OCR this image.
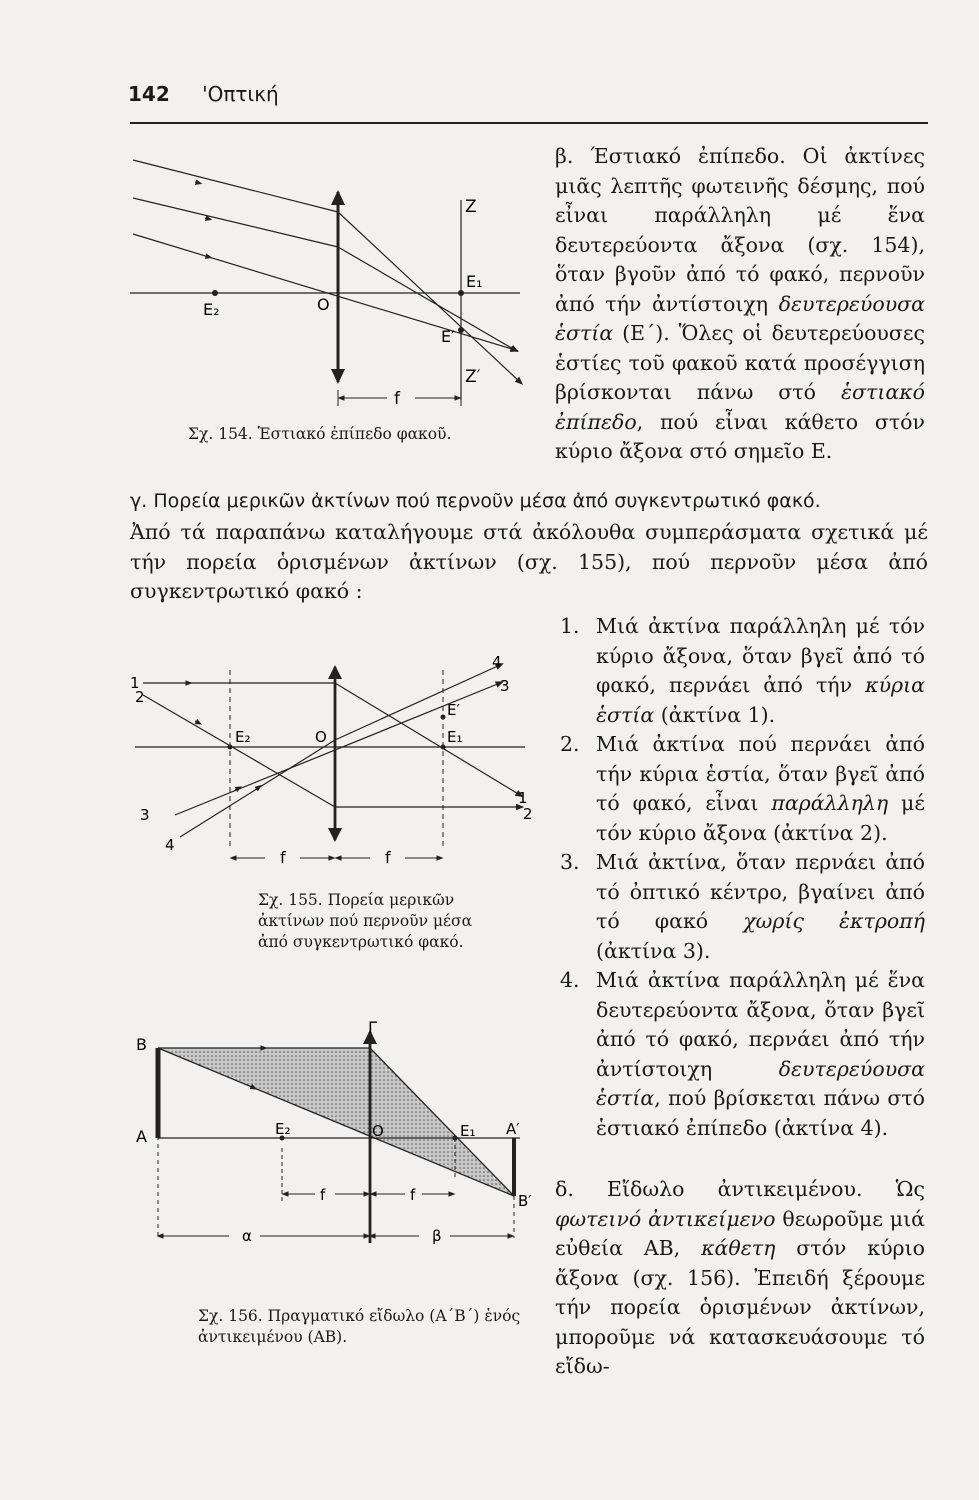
142 'Οπτική
Z
E₁
E₂	O
E′
Z′
f
Σχ. 154. Ἑστιακό ἐπίπεδο φακοῦ.
β. Έστιακό ἐπίπεδο. Οἱ ἀκτίνες μιᾶς λεπτῆς φωτεινῆς δέσμης, πού εἶναι παράλληλη μέ ἕνα δευτερεύοντα ἄξονα (σχ. 154), ὅταν βγοῦν ἀπό τό φακό, περνοῦν ἀπό τήν ἀντίστοιχη δευτερεύουσα ἑστία (Ε΄). Ὅλες οἱ δευτερεύουσες ἑστίες τοῦ φακοῦ κατά προσέγγιση βρίσκονται πάνω στό ἑστιακό ἐπίπεδο, πού εἶναι κάθετο στόν κύριο ἄξονα στό σημεῖο Ε.
γ. Πορεία μερικῶν ἀκτίνων πού περνοῦν μέσα ἀπό συγκεντρωτικό φακό.
Ἀπό τά παραπάνω καταλήγουμε στά ἀκόλουθα συμπεράσματα σχετικά μέ τήν πορεία ὁρισμένων ἀκτίνων (σχ. 155), πού περνοῦν μέσα ἀπό συγκεντρωτικό φακό :
1
2
3
4
1
2
3
4
E₂	O
E′
E₁
f	f
Σχ. 155. Πορεία μερικῶν ἀκτίνων πού περνοῦν μέσα ἀπό συγκεντρωτικό φακό.
1. Μιά ἀκτίνα παράλληλη μέ τόν κύριο ἄξονα, ὅταν βγεῖ ἀπό τό φακό, περνάει ἀπό τήν κύρια ἑστία (ἀκτίνα 1).
2. Μιά ἀκτίνα πού περνάει ἀπό τήν κύρια ἑστία, ὅταν βγεῖ ἀπό τό φακό, εἶναι παράλληλη μέ τόν κύριο ἄξονα (ἀκτίνα 2).
3. Μιά ἀκτίνα, ὅταν περνάει ἀπό τό ὀπτικό κέντρο, βγαίνει ἀπό τό φακό χωρίς ἐκτροπή (ἀκτίνα 3).
4. Μιά ἀκτίνα παράλληλη μέ ἕνα δευτερεύοντα ἄξονα, ὅταν βγεῖ ἀπό τό φακό, περνάει ἀπό τήν ἀντίστοιχη δευτερεύουσα ἑστία, πού βρίσκεται πάνω στό ἑστιακό ἐπίπεδο (ἀκτίνα 4).
B
A
Γ
E₂	O	E₁ A′
B′
f	f
α	β
Σχ. 156. Πραγματικό εἴδωλο (Α΄Β΄) ἑνός ἀντικειμένου (ΑΒ).
δ. Εἴδωλο ἀντικειμένου. Ὡς φωτεινό ἀντικείμενο θεωροῦμε μιά εὐθεία ΑΒ, κάθετη στόν κύριο ἄξονα (σχ. 156). Ἐπειδή ξέρουμε τήν πορεία ὁρισμένων ἀκτίνων, μποροῦμε νά κατασκευάσουμε τό εἴδω-
